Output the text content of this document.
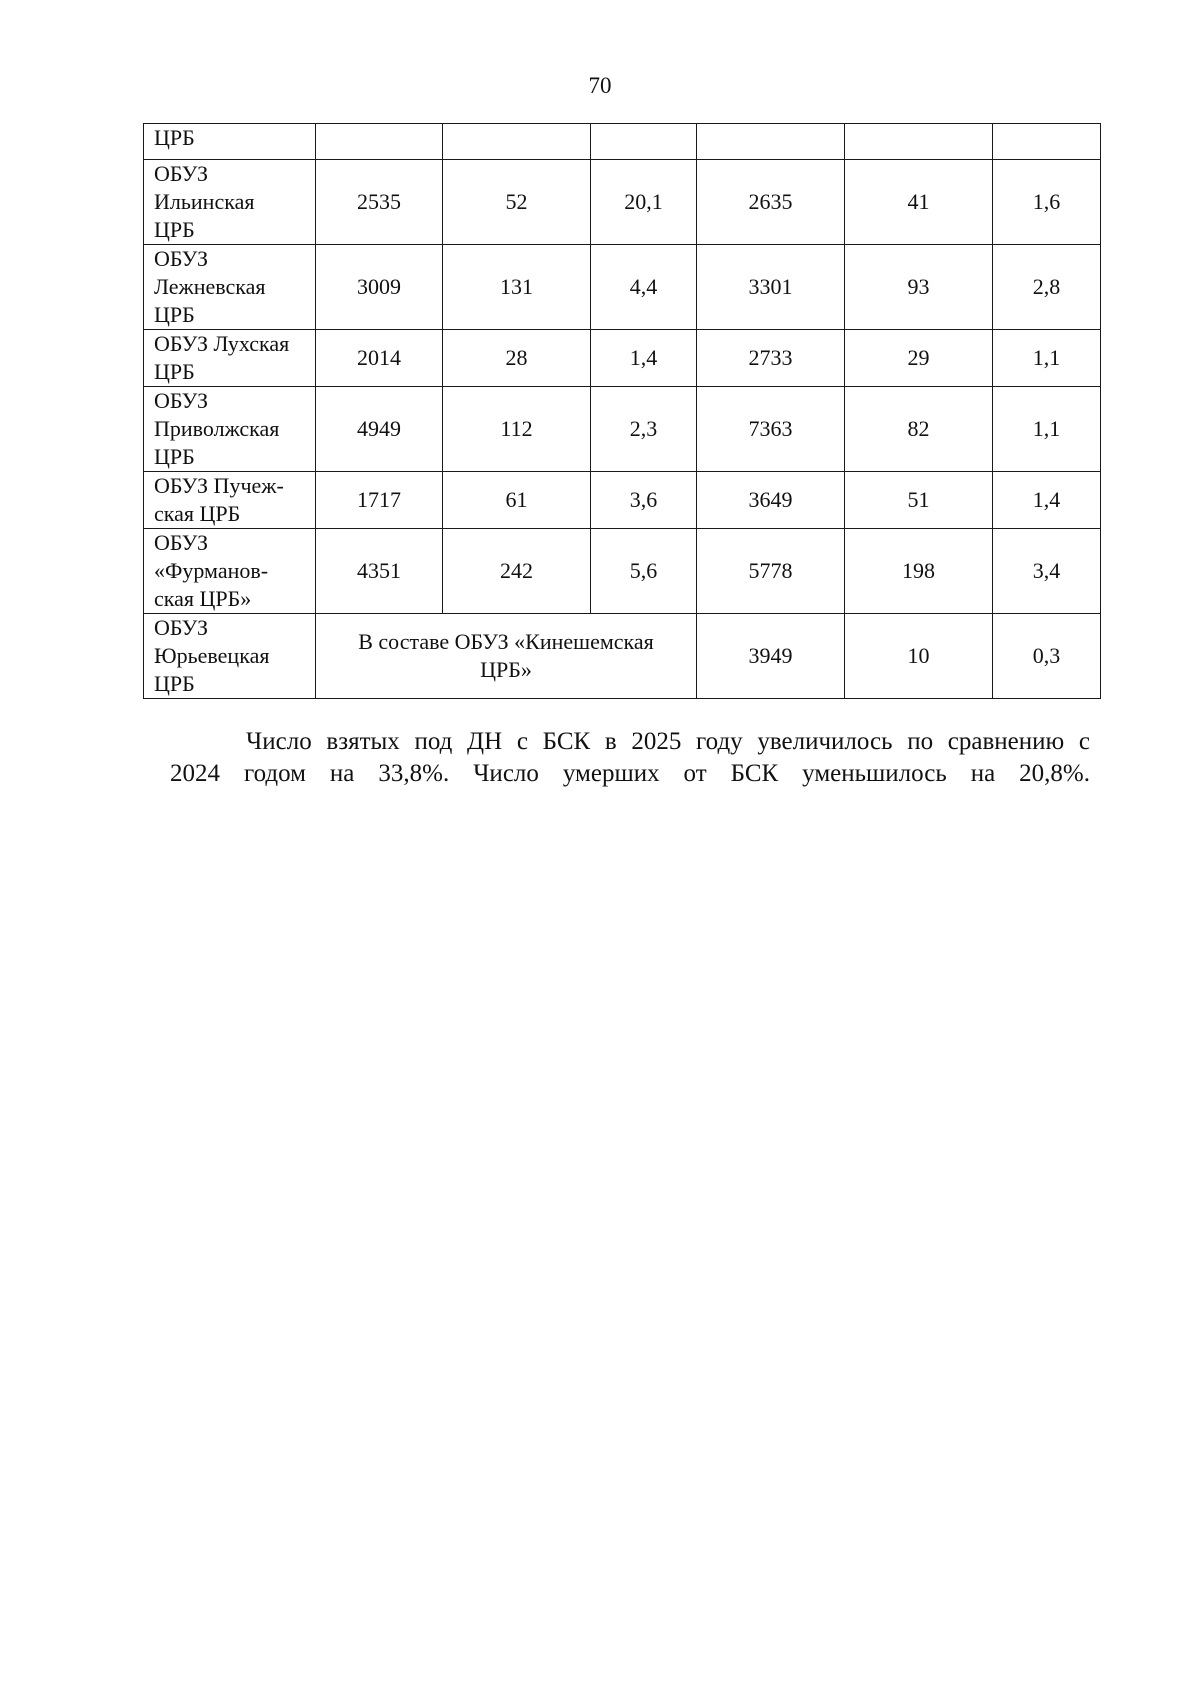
70
ЦРБ						
ОБУЗ
Ильинская
ЦРБ	2535	52	20,1	2635	41	1,6
ОБУЗ
Лежневская
ЦРБ	3009	131	4,4	3301	93	2,8
ОБУЗ Лухская
ЦРБ	2014	28	1,4	2733	29	1,1
ОБУЗ
Приволжская
ЦРБ	4949	112	2,3	7363	82	1,1
ОБУЗ Пучеж-
ская ЦРБ	1717	61	3,6	3649	51	1,4
ОБУЗ
«Фурманов-
ская ЦРБ»	4351	242	5,6	5778	198	3,4
ОБУЗ
Юрьевецкая
ЦРБ	В составе ОБУЗ «Кинешемская
ЦРБ»			3949	10	0,3
Число взятых под ДН с БСК в 2025 году увеличилось по сравнению с
2024 годом на 33,8%. Число умерших от БСК уменьшилось на 20,8%.
